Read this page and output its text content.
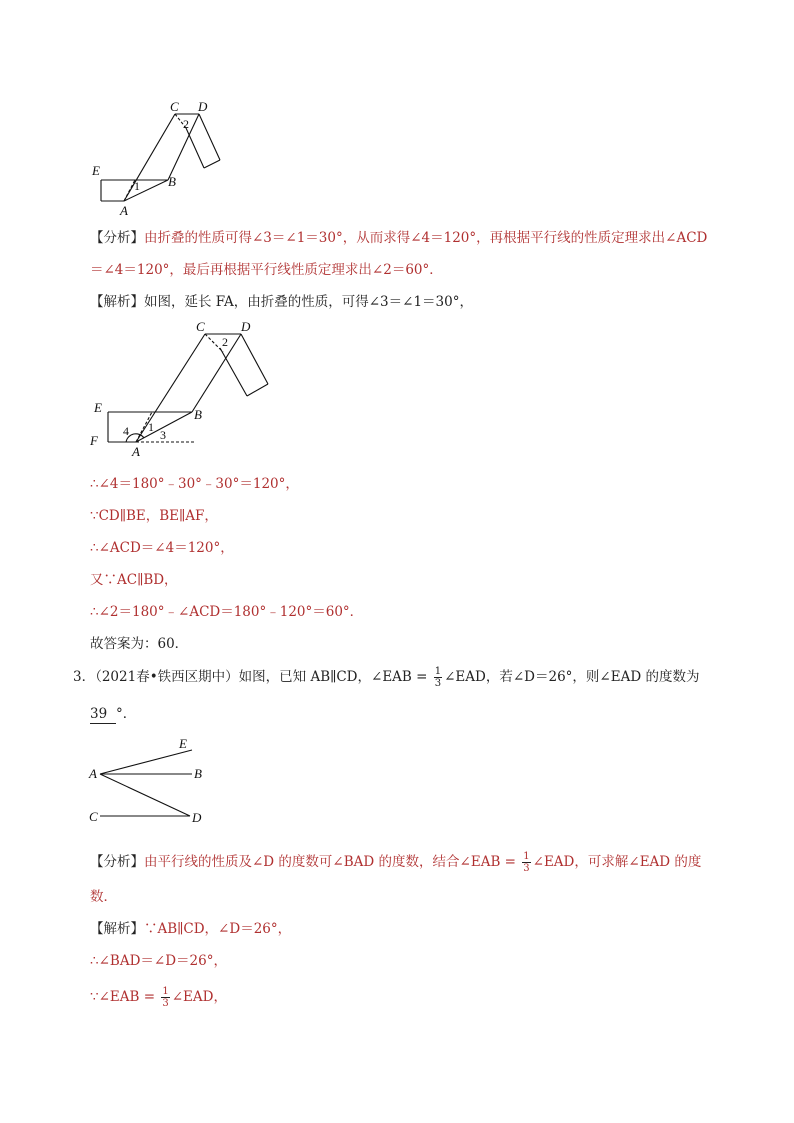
C D
E
B
A
1
2
【分析】由折叠的性质可得∠3＝∠1＝30°，从而求得∠4＝120°，再根据平行线的性质定理求出∠ACD
＝∠4＝120°，最后再根据平行线性质定理求出∠2＝60°．
【解析】如图，延长 FA，由折叠的性质，可得∠3＝∠1＝30°，
C	D
E
F
B
A
1
2
3
4
∴∠4＝180°﹣30°﹣30°＝120°，
∵CD∥BE，BE∥AF，
∴∠ACD＝∠4＝120°，
又∵AC∥BD，
∴∠2＝180°﹣∠ACD＝180°﹣120°＝60°．
故答案为：60．
3．（2021春•铁西区期中）如图，已知 AB∥CD，∠EAB = $\frac{1}{3}$ ∠EAD，若∠D＝26°，则∠EAD 的度数为
39 °．
E
A	B
C	D
【分析】由平行线的性质及∠D 的度数可∠BAD 的度数，结合∠EAB = $\frac{1}{3}$ ∠EAD，可求解∠EAD 的度
数．
【解析】∵AB∥CD，∠D＝26°，
∴∠BAD＝∠D＝26°，
∵∠EAB = $\frac{1}{3}$ ∠EAD，
